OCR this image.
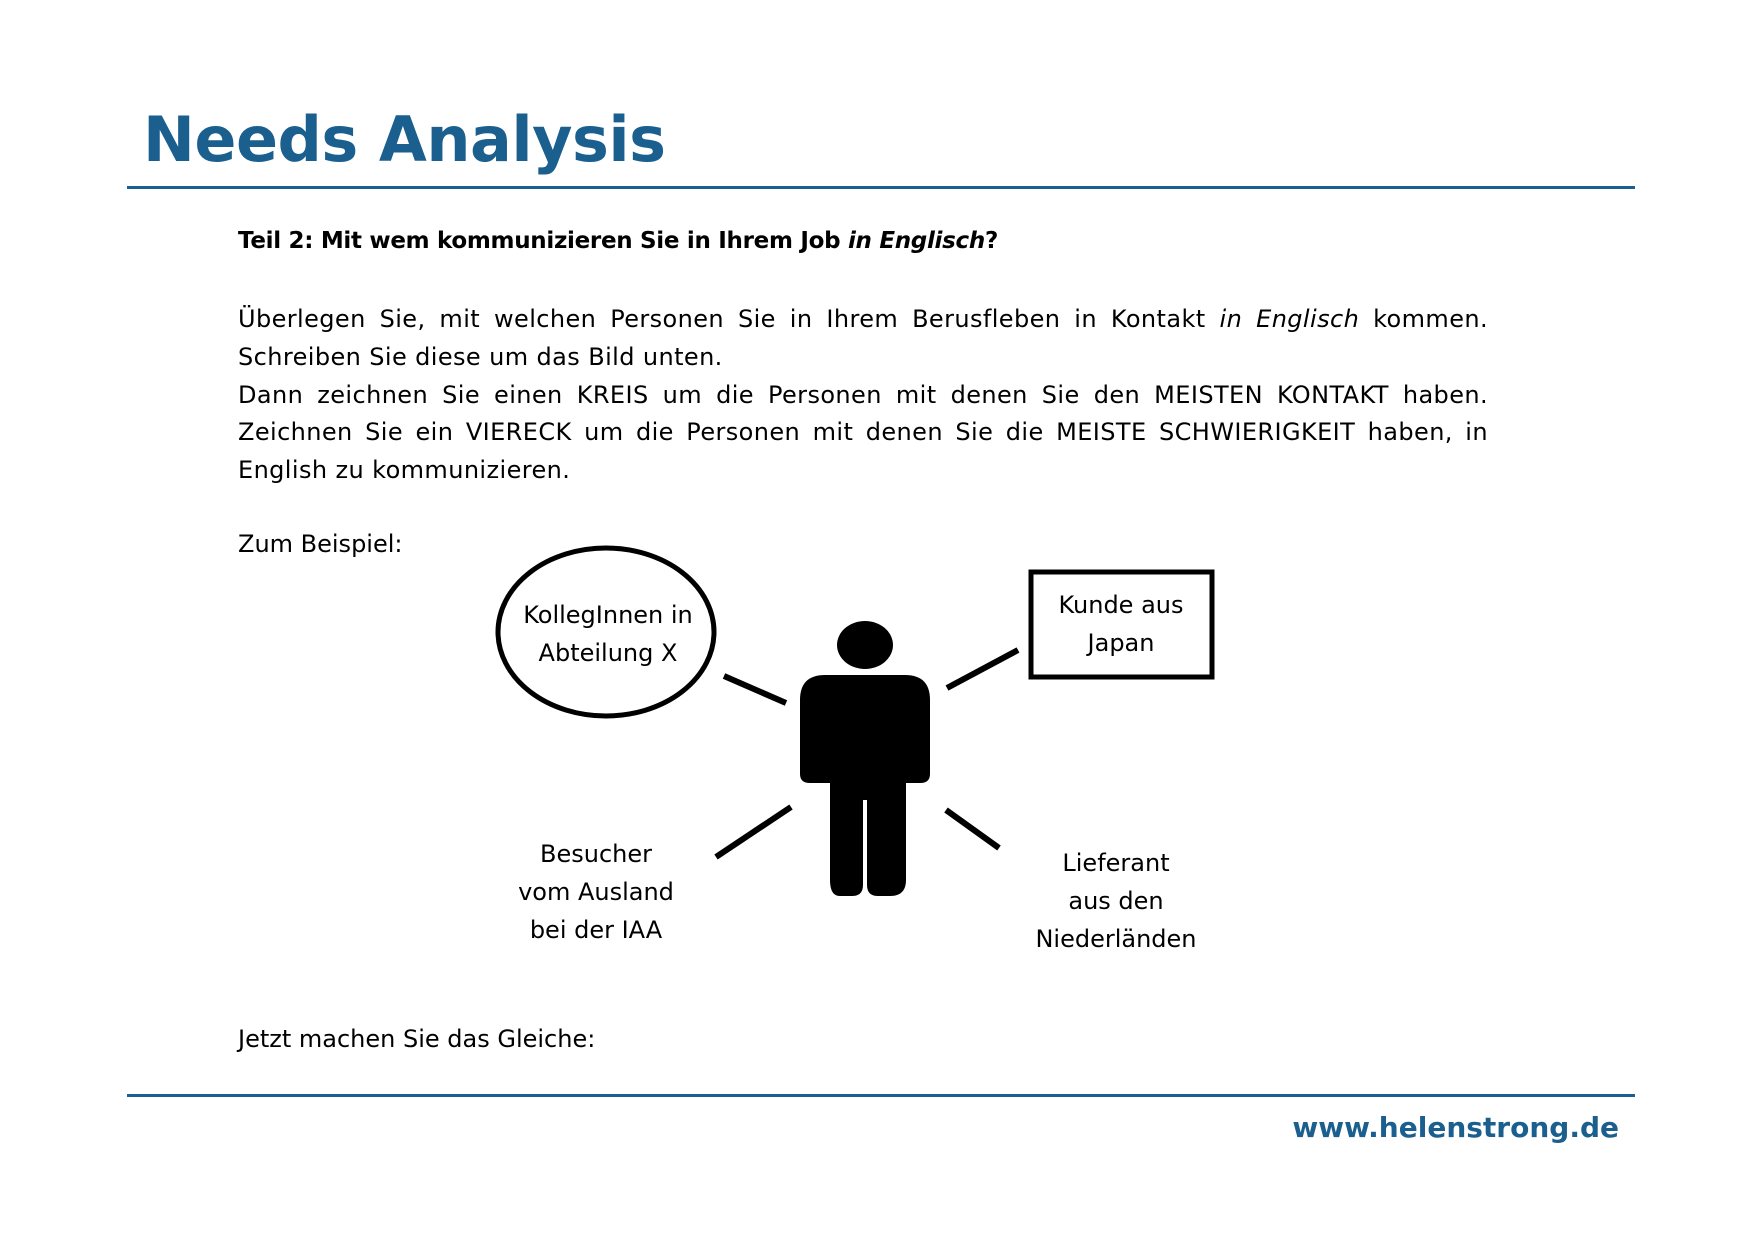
Needs Analysis
Teil 2: Mit wem kommunizieren Sie in Ihrem Job in Englisch?

Überlegen Sie, mit welchen Personen Sie in Ihrem Berusfleben in Kontakt in Englisch kommen. Schreiben Sie diese um das Bild unten.

Dann zeichnen Sie einen KREIS um die Personen mit denen Sie den MEISTEN KONTAKT haben. Zeichnen Sie ein VIERECK um die Personen mit denen Sie die MEISTE SCHWIERIGKEIT haben, in English zu kommunizieren.

Zum Beispiel:
KollegInnen in
Abteilung X
Kunde aus
Japan
Besucher
vom Ausland
bei der IAA
Lieferant
aus den
Niederländen
Jetzt machen Sie das Gleiche:
www.helenstrong.de
